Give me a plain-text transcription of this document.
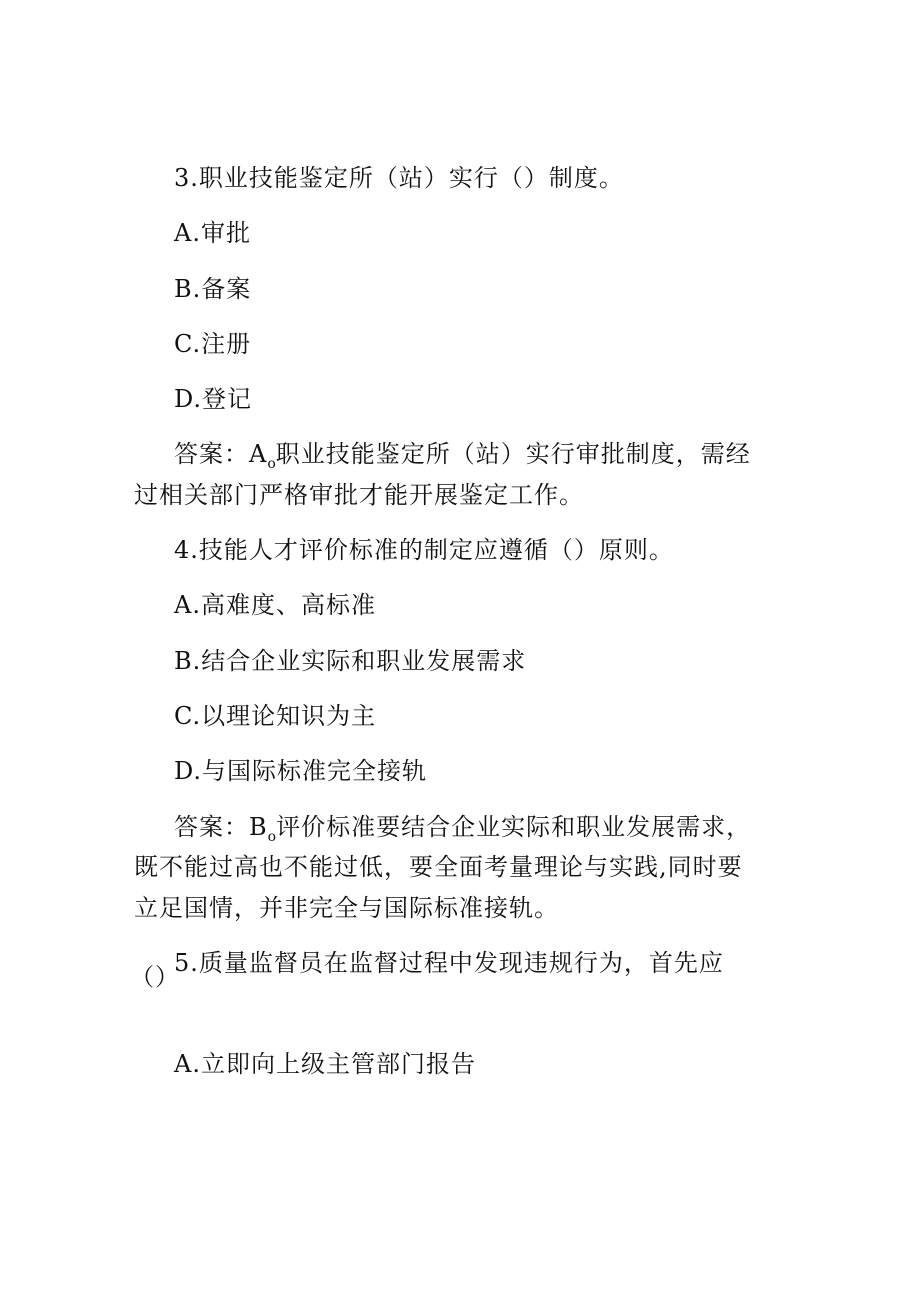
3.职业技能鉴定所（站）实行（）制度。
A.审批
B.备案
C.注册
D.登记
答案：$A_o$职业技能鉴定所（站）实行审批制度，需经
过相关部门严格审批才能开展鉴定工作。
4.技能人才评价标准的制定应遵循（）原则。
A.高难度、高标准
B.结合企业实际和职业发展需求
C.以理论知识为主
D.与国际标准完全接轨
答案：$B_o$评价标准要结合企业实际和职业发展需求，
既不能过高也不能过低，要全面考量理论与实践,同时要
立足国情，并非完全与国际标准接轨。
5.质量监督员在监督过程中发现违规行为，首先应
（）
A.立即向上级主管部门报告
